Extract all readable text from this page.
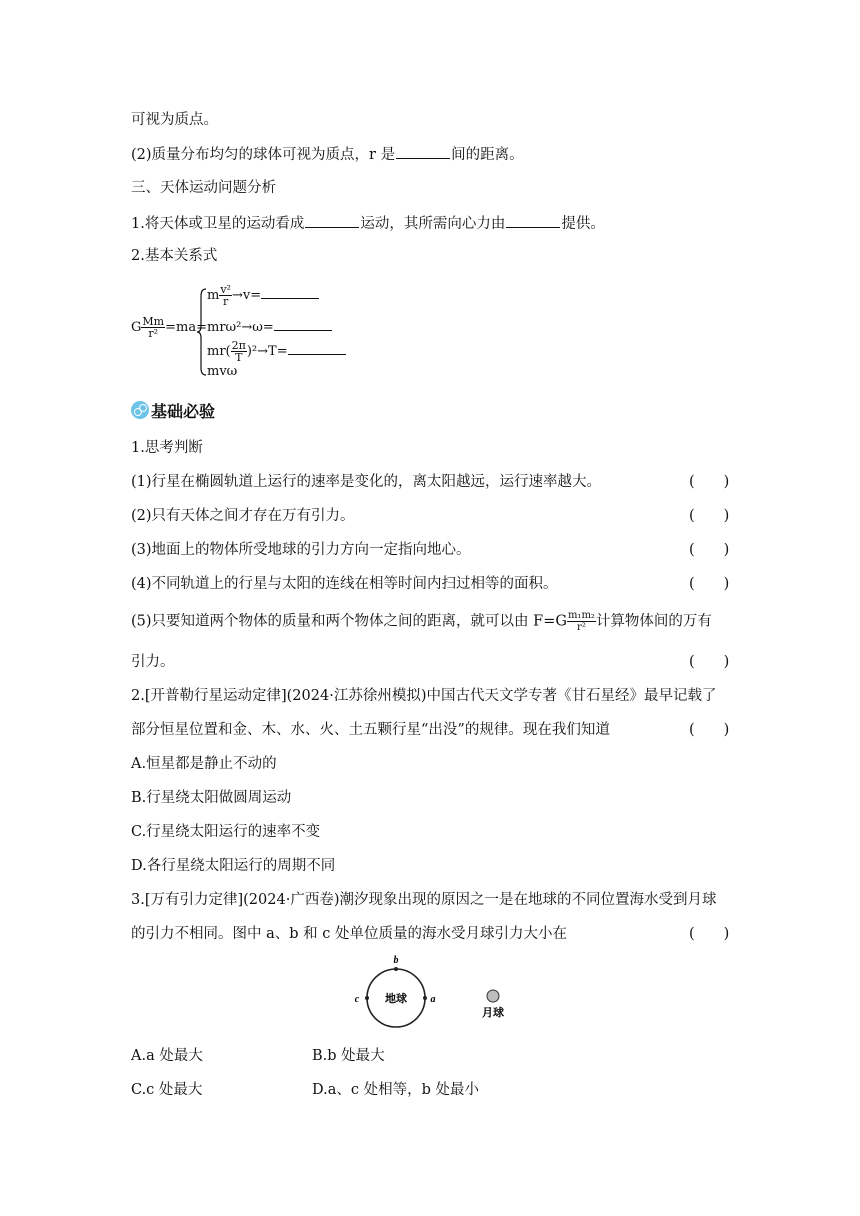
可视为质点。
(2)质量分布均匀的球体可视为质点，r 是	间的距离。
三、天体运动问题分析
1.将天体或卫星的运动看成	运动，其所需向心力由	提供。
2.基本关系式
G $\frac{Mm}{\text{r²}} =ma=$
m $\frac{\text{v²}}{r} \to v=$
mrω²→ω=
$mr( \frac{2\pi}{T} )^2\to T=$
mvω
基础必验
1.思考判断
(1)行星在椭圆轨道上运行的速率是变化的，离太阳越远，运行速率越大。	(　　)
(2)只有天体之间才存在万有引力。	(　　)
(3)地面上的物体所受地球的引力方向一定指向地心。	(　　)
(4)不同轨道上的行星与太阳的连线在相等时间内扫过相等的面积。	(　　)
(5)只要知道两个物体的质量和两个物体之间的距离，就可以由 $F=G \frac{\text{m₁m₂}}{\text{r²}}$ 计算物体间的万有
引力。	(　　)
2.[开普勒行星运动定律](2024·江苏徐州模拟)中国古代天文学专著《甘石星经》最早记载了
部分恒星位置和金、木、水、火、土五颗行星“出没”的规律。现在我们知道	(　　)
A.恒星都是静止不动的
B.行星绕太阳做圆周运动
C.行星绕太阳运行的速率不变
D.各行星绕太阳运行的周期不同
3.[万有引力定律](2024·广西卷)潮汐现象出现的原因之一是在地球的不同位置海水受到月球
的引力不相同。图中 a、b 和 c 处单位质量的海水受月球引力大小在	(　　)
b
c	a
地球
月球
A.a 处最大	B.b 处最大
C.c 处最大	D.a、c 处相等，b 处最小
